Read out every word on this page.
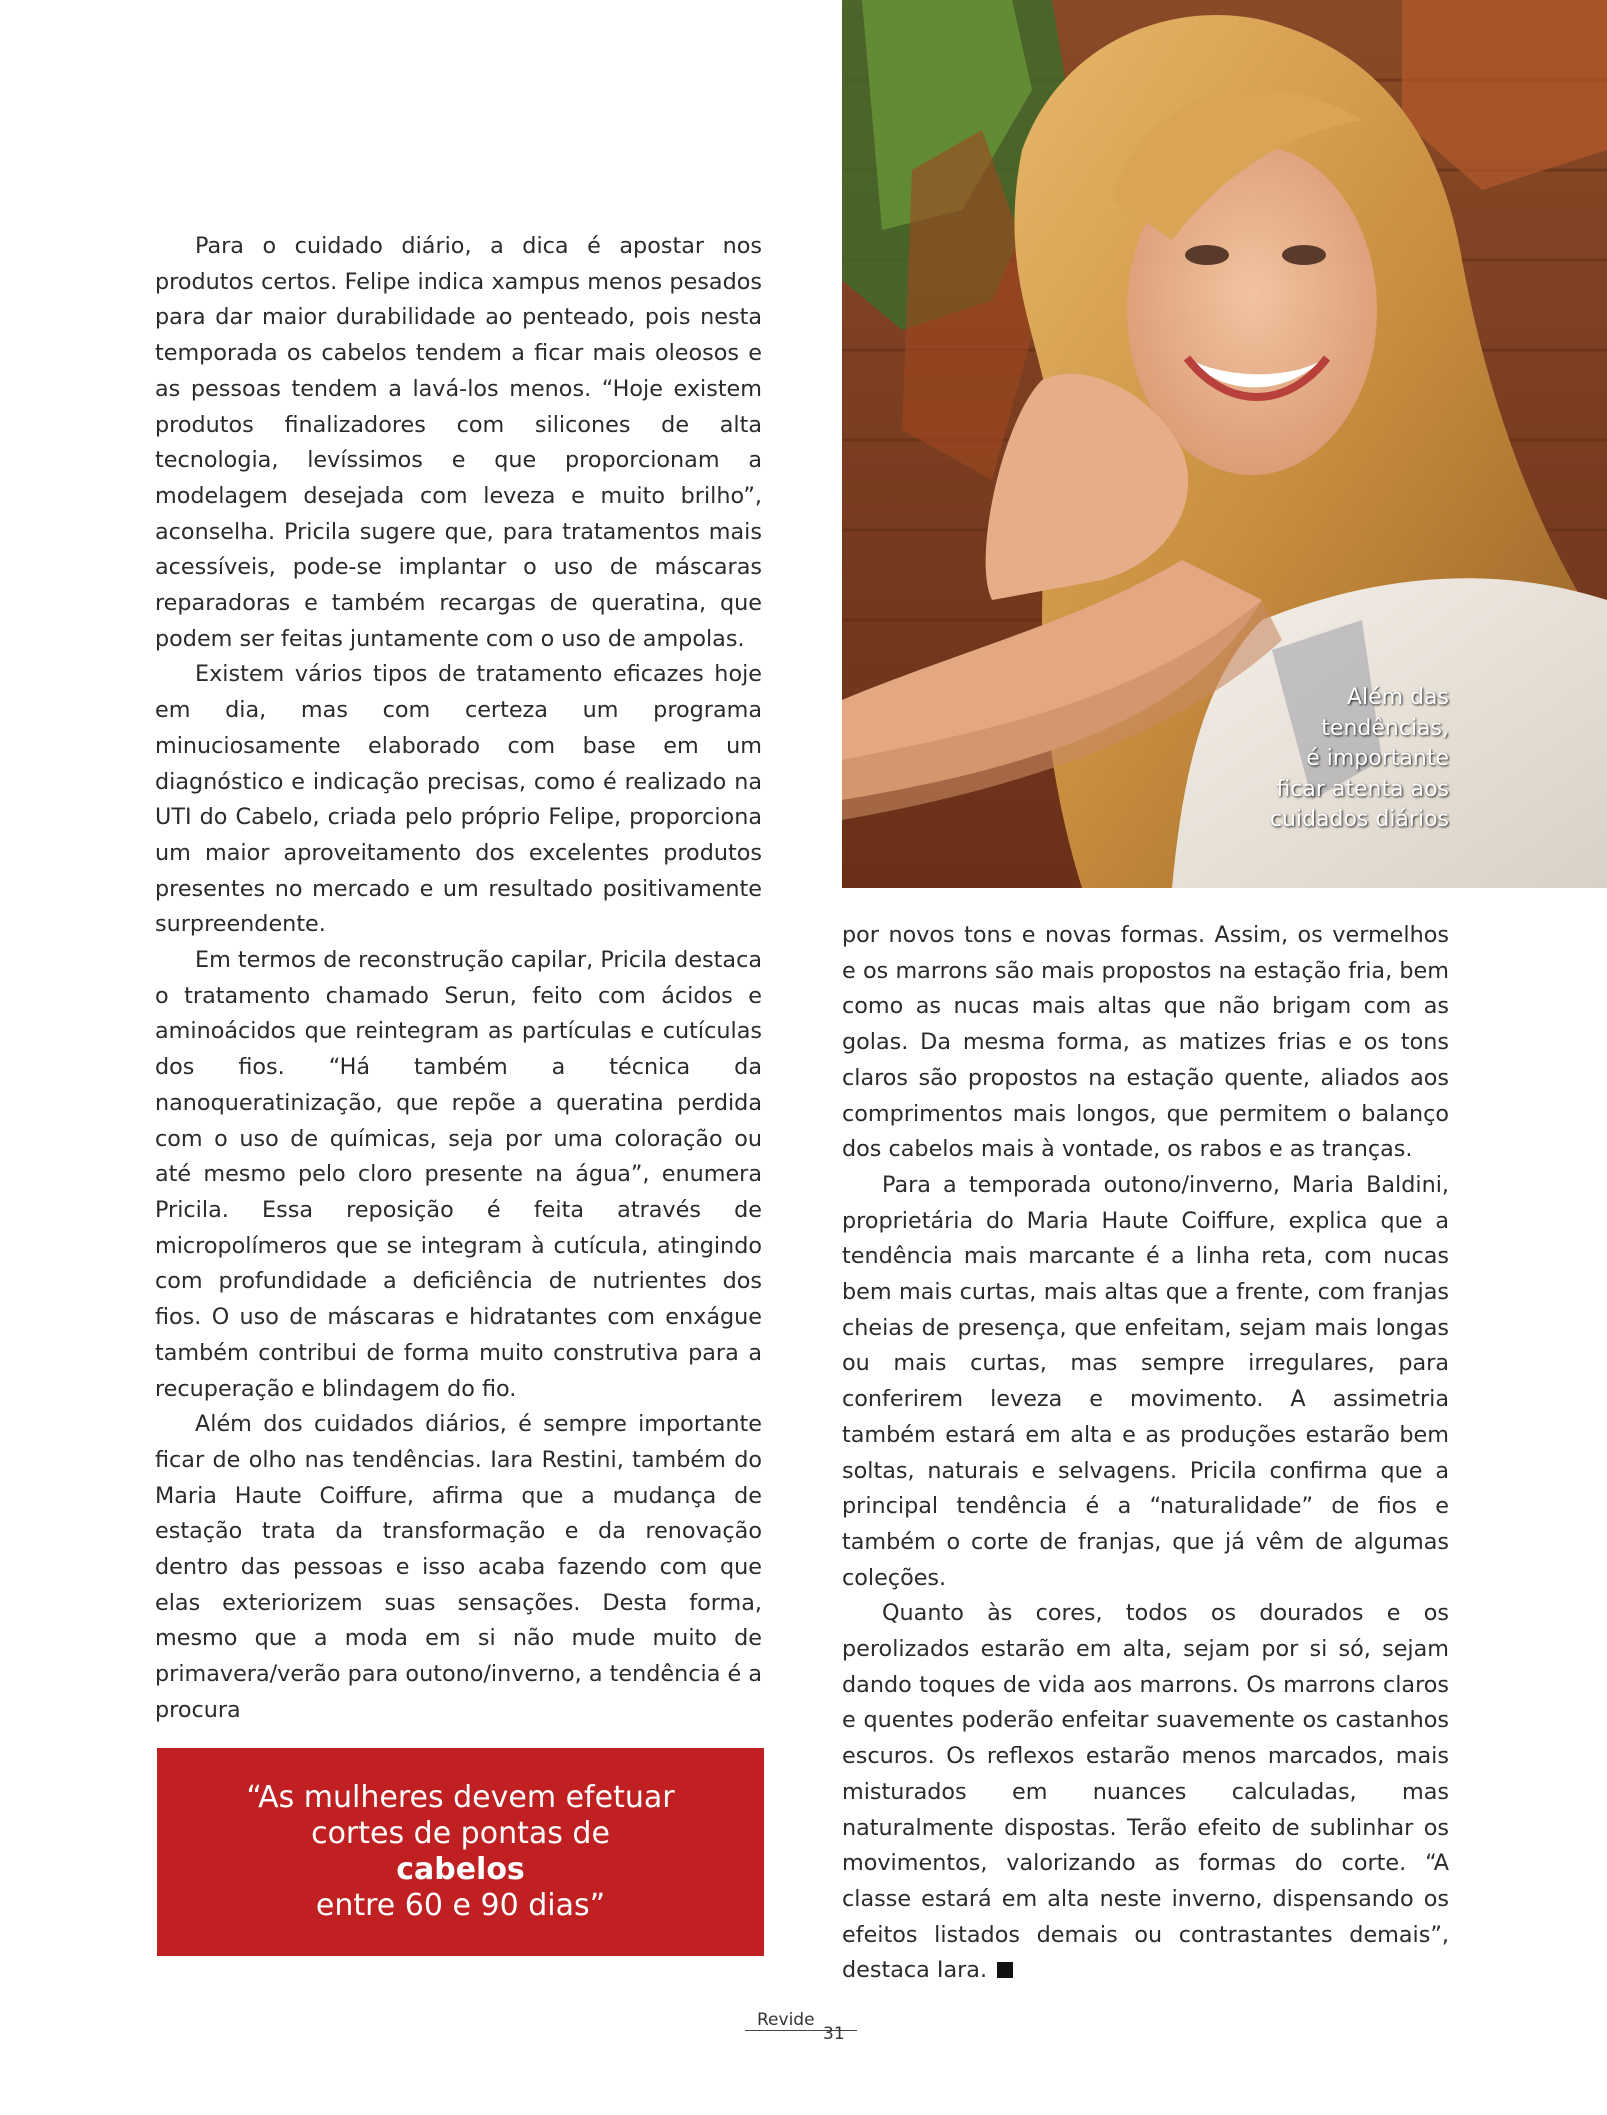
Para o cuidado diário, a dica é apostar nos produtos certos. Felipe indica xampus menos pesados para dar maior durabilidade ao penteado, pois nesta temporada os cabelos tendem a ficar mais oleosos e as pessoas tendem a lavá-los menos. “Hoje existem produtos finalizadores com silicones de alta tecnologia, levíssimos e que proporcionam a modelagem desejada com leveza e muito brilho”, aconselha. Pricila sugere que, para tratamentos mais acessíveis, pode-se implantar o uso de máscaras reparadoras e também recargas de queratina, que podem ser feitas juntamente com o uso de ampolas.

Existem vários tipos de tratamento eficazes hoje em dia, mas com certeza um programa minuciosamente elaborado com base em um diagnóstico e indicação precisas, como é realizado na UTI do Cabelo, criada pelo próprio Felipe, proporciona um maior aproveitamento dos excelentes produtos presentes no mercado e um resultado positivamente surpreendente.

Em termos de reconstrução capilar, Pricila destaca o tratamento chamado Serun, feito com ácidos e aminoácidos que reintegram as partículas e cutículas dos fios. “Há também a técnica da nanoqueratinização, que repõe a queratina perdida com o uso de químicas, seja por uma coloração ou até mesmo pelo cloro presente na água”, enumera Pricila. Essa reposição é feita através de micropolímeros que se integram à cutícula, atingindo com profundidade a deficiência de nutrientes dos fios. O uso de máscaras e hidratantes com enxágue também contribui de forma muito construtiva para a recuperação e blindagem do fio.

Além dos cuidados diários, é sempre importante ficar de olho nas tendências. Iara Restini, também do Maria Haute Coiffure, afirma que a mudança de estação trata da transformação e da renovação dentro das pessoas e isso acaba fazendo com que elas exteriorizem suas sensações. Desta forma, mesmo que a moda em si não mude muito de primavera/verão para outono/inverno, a tendência é a procura

Além das
tendências,
é importante
ficar atenta aos
cuidados diários

por novos tons e novas formas. Assim, os vermelhos e os marrons são mais propostos na estação fria, bem como as nucas mais altas que não brigam com as golas. Da mesma forma, as matizes frias e os tons claros são propostos na estação quente, aliados aos comprimentos mais longos, que permitem o balanço dos cabelos mais à vontade, os rabos e as tranças.

Para a temporada outono/inverno, Maria Baldini, proprietária do Maria Haute Coiffure, explica que a tendência mais marcante é a linha reta, com nucas bem mais curtas, mais altas que a frente, com franjas cheias de presença, que enfeitam, sejam mais longas ou mais curtas, mas sempre irregulares, para conferirem leveza e movimento. A assimetria também estará em alta e as produções estarão bem soltas, naturais e selvagens. Pricila confirma que a principal tendência é a “naturalidade” de fios e também o corte de franjas, que já vêm de algumas coleções.

Quanto às cores, todos os dourados e os perolizados estarão em alta, sejam por si só, sejam dando toques de vida aos marrons. Os marrons claros e quentes poderão enfeitar suavemente os castanhos escuros. Os reflexos estarão menos marcados, mais misturados em nuances calculadas, mas naturalmente dispostas. Terão efeito de sublinhar os movimentos, valorizando as formas do corte. “A classe estará em alta neste inverno, dispensando os efeitos listados demais ou contrastantes demais”, destaca Iara.

“As mulheres devem efetuar
cortes de pontas de
cabelos
entre 60 e 90 dias”
Revide
31
